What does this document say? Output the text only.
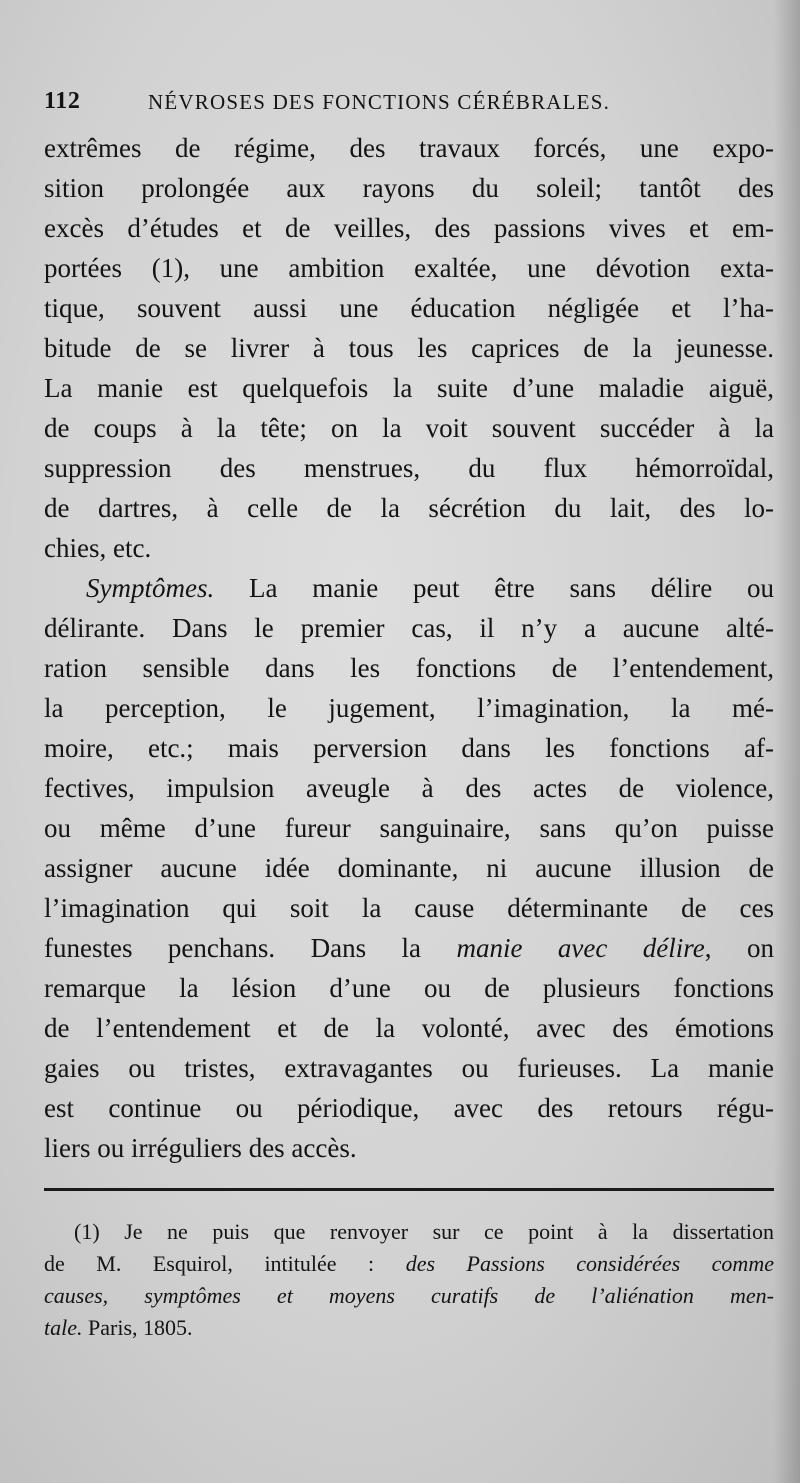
112	NÉVROSES DES FONCTIONS CÉRÉBRALES.
extrêmes de régime, des travaux forcés, une expo-
sition prolongée aux rayons du soleil; tantôt des
excès d’études et de veilles, des passions vives et em-
portées (1), une ambition exaltée, une dévotion exta-
tique, souvent aussi une éducation négligée et l’ha-
bitude de se livrer à tous les caprices de la jeunesse.
La manie est quelquefois la suite d’une maladie aiguë,
de coups à la tête; on la voit souvent succéder à la
suppression des menstrues, du flux hémorroïdal,
de dartres, à celle de la sécrétion du lait, des lo-
chies, etc.
Symptômes. La manie peut être sans délire ou
délirante. Dans le premier cas, il n’y a aucune alté-
ration sensible dans les fonctions de l’entendement,
la perception, le jugement, l’imagination, la mé-
moire, etc.; mais perversion dans les fonctions af-
fectives, impulsion aveugle à des actes de violence,
ou même d’une fureur sanguinaire, sans qu’on puisse
assigner aucune idée dominante, ni aucune illusion de
l’imagination qui soit la cause déterminante de ces
funestes penchans. Dans la manie avec délire, on
remarque la lésion d’une ou de plusieurs fonctions
de l’entendement et de la volonté, avec des émotions
gaies ou tristes, extravagantes ou furieuses. La manie
est continue ou périodique, avec des retours régu-
liers ou irréguliers des accès.
(1) Je ne puis que renvoyer sur ce point à la dissertation
de M. Esquirol, intitulée : des Passions considérées comme
causes, symptômes et moyens curatifs de l’aliénation men-
tale. Paris, 1805.
